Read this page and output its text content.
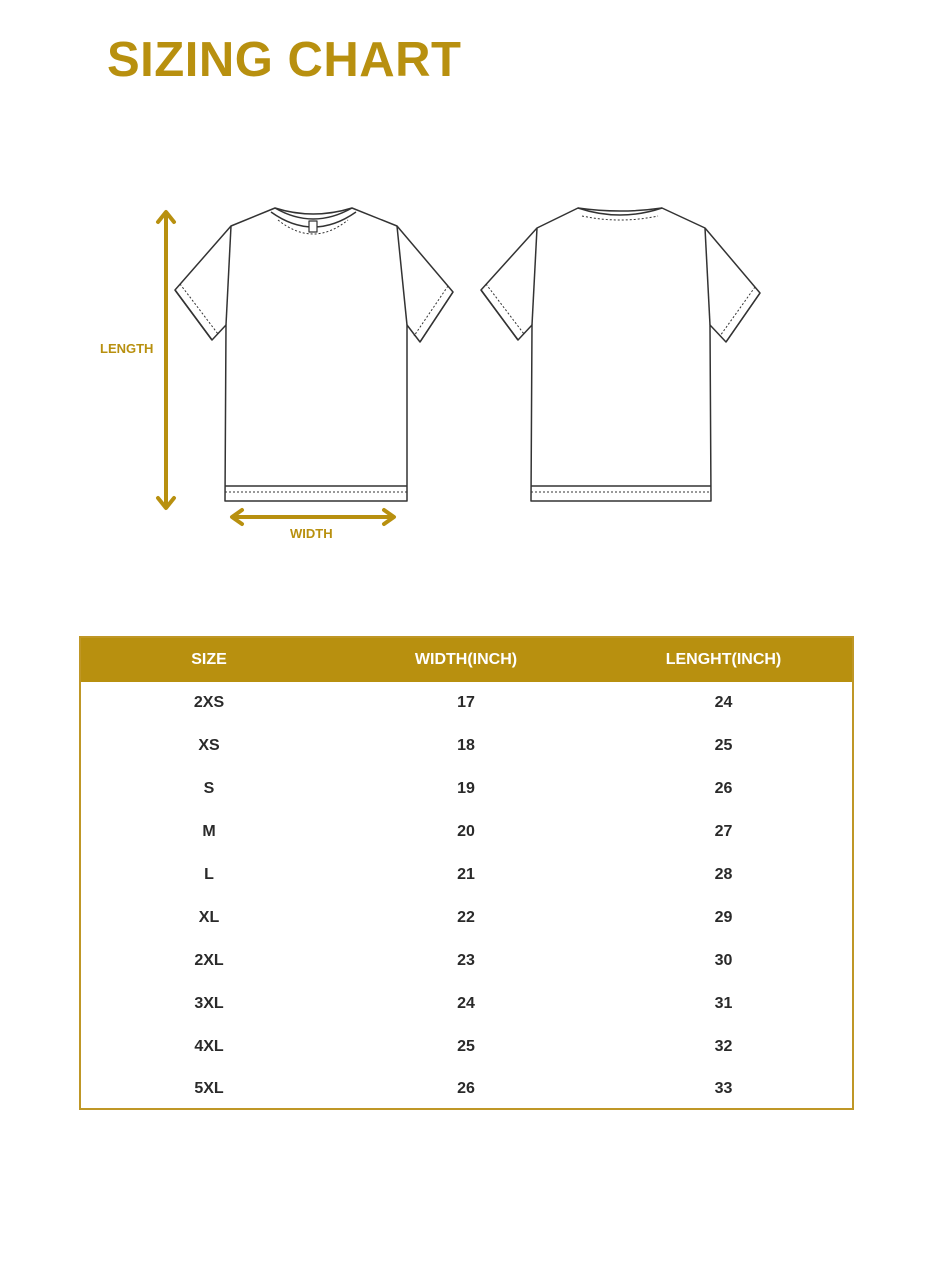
SIZING CHART
LENGTH
WIDTH
SIZE	WIDTH(INCH)	LENGHT(INCH)
2XS	17	24
XS	18	25
S	19	26
M	20	27
L	21	28
XL	22	29
2XL	23	30
3XL	24	31
4XL	25	32
5XL	26	33
